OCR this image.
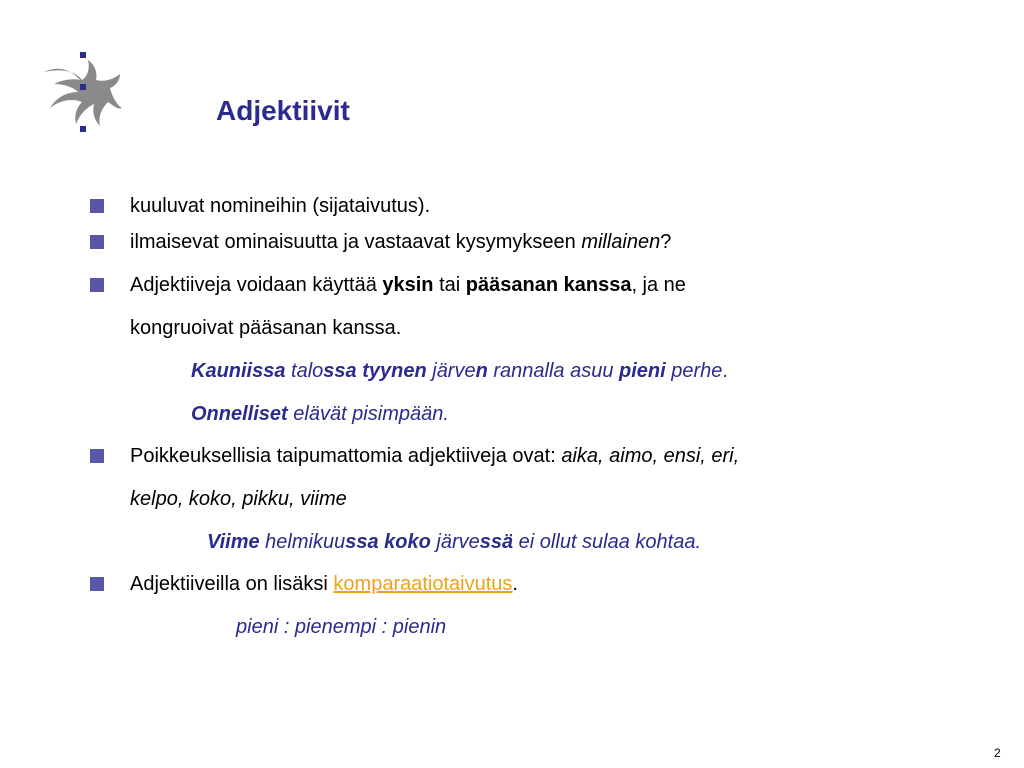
Adjektiivit
kuuluvat nomineihin (sijataivutus).
ilmaisevat ominaisuutta ja vastaavat kysymykseen millainen?
Adjektiiveja voidaan käyttää yksin tai pääsanan kanssa, ja ne
kongruoivat pääsanan kanssa.
Kauniissa talossa tyynen järven rannalla asuu pieni perhe.
Onnelliset elävät pisimpään.
Poikkeuksellisia taipumattomia adjektiiveja ovat: aika, aimo, ensi, eri,
kelpo, koko, pikku, viime
Viime helmikuussa koko järvessä ei ollut sulaa kohtaa.
Adjektiiveilla on lisäksi komparaatiotaivutus.
pieni : pienempi : pienin
2
